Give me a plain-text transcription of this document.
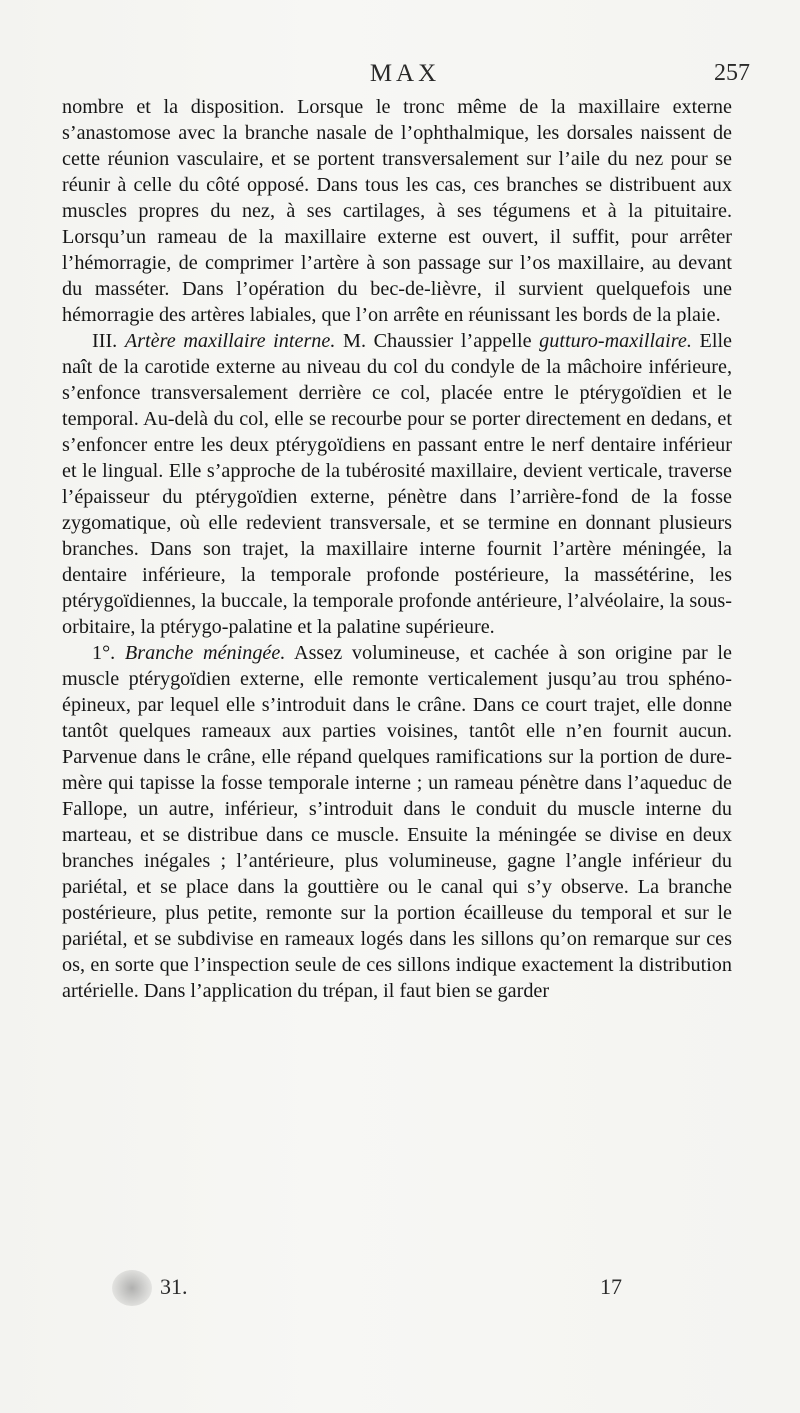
MAX	257

nombre et la disposition. Lorsque le tronc même de la maxillaire externe s’anastomose avec la branche nasale de l’ophthalmique, les dorsales naissent de cette réunion vasculaire, et se portent transversalement sur l’aile du nez pour se réunir à celle du côté opposé. Dans tous les cas, ces branches se distribuent aux muscles propres du nez, à ses cartilages, à ses tégumens et à la pituitaire. Lorsqu’un rameau de la maxillaire externe est ouvert, il suffit, pour arrêter l’hémorragie, de comprimer l’artère à son passage sur l’os maxillaire, au devant du masséter. Dans l’opération du bec-de-lièvre, il survient quelquefois une hémorragie des artères labiales, que l’on arrête en réunissant les bords de la plaie.

III. Artère maxillaire interne. M. Chaussier l’appelle gutturo-maxillaire. Elle naît de la carotide externe au niveau du col du condyle de la mâchoire inférieure, s’enfonce transversalement derrière ce col, placée entre le ptérygoïdien et le temporal. Au-delà du col, elle se recourbe pour se porter directement en dedans, et s’enfoncer entre les deux ptérygoïdiens en passant entre le nerf dentaire inférieur et le lingual. Elle s’approche de la tubérosité maxillaire, devient verticale, traverse l’épaisseur du ptérygoïdien externe, pénètre dans l’arrière-fond de la fosse zygomatique, où elle redevient transversale, et se termine en donnant plusieurs branches. Dans son trajet, la maxillaire interne fournit l’artère méningée, la dentaire inférieure, la temporale profonde postérieure, la massétérine, les ptérygoïdiennes, la buccale, la temporale profonde antérieure, l’alvéolaire, la sous-orbitaire, la ptérygo-palatine et la palatine supérieure.

1°. Branche méningée. Assez volumineuse, et cachée à son origine par le muscle ptérygoïdien externe, elle remonte verticalement jusqu’au trou sphéno-épineux, par lequel elle s’introduit dans le crâne. Dans ce court trajet, elle donne tantôt quelques rameaux aux parties voisines, tantôt elle n’en fournit aucun. Parvenue dans le crâne, elle répand quelques ramifications sur la portion de dure-mère qui tapisse la fosse temporale interne ; un rameau pénètre dans l’aqueduc de Fallope, un autre, inférieur, s’introduit dans le conduit du muscle interne du marteau, et se distribue dans ce muscle. Ensuite la méningée se divise en deux branches inégales ; l’antérieure, plus volumineuse, gagne l’angle inférieur du pariétal, et se place dans la gouttière ou le canal qui s’y observe. La branche postérieure, plus petite, remonte sur la portion écailleuse du temporal et sur le pariétal, et se subdivise en rameaux logés dans les sillons qu’on remarque sur ces os, en sorte que l’inspection seule de ces sillons indique exactement la distribution artérielle. Dans l’application du trépan, il faut bien se garder

31.	17
